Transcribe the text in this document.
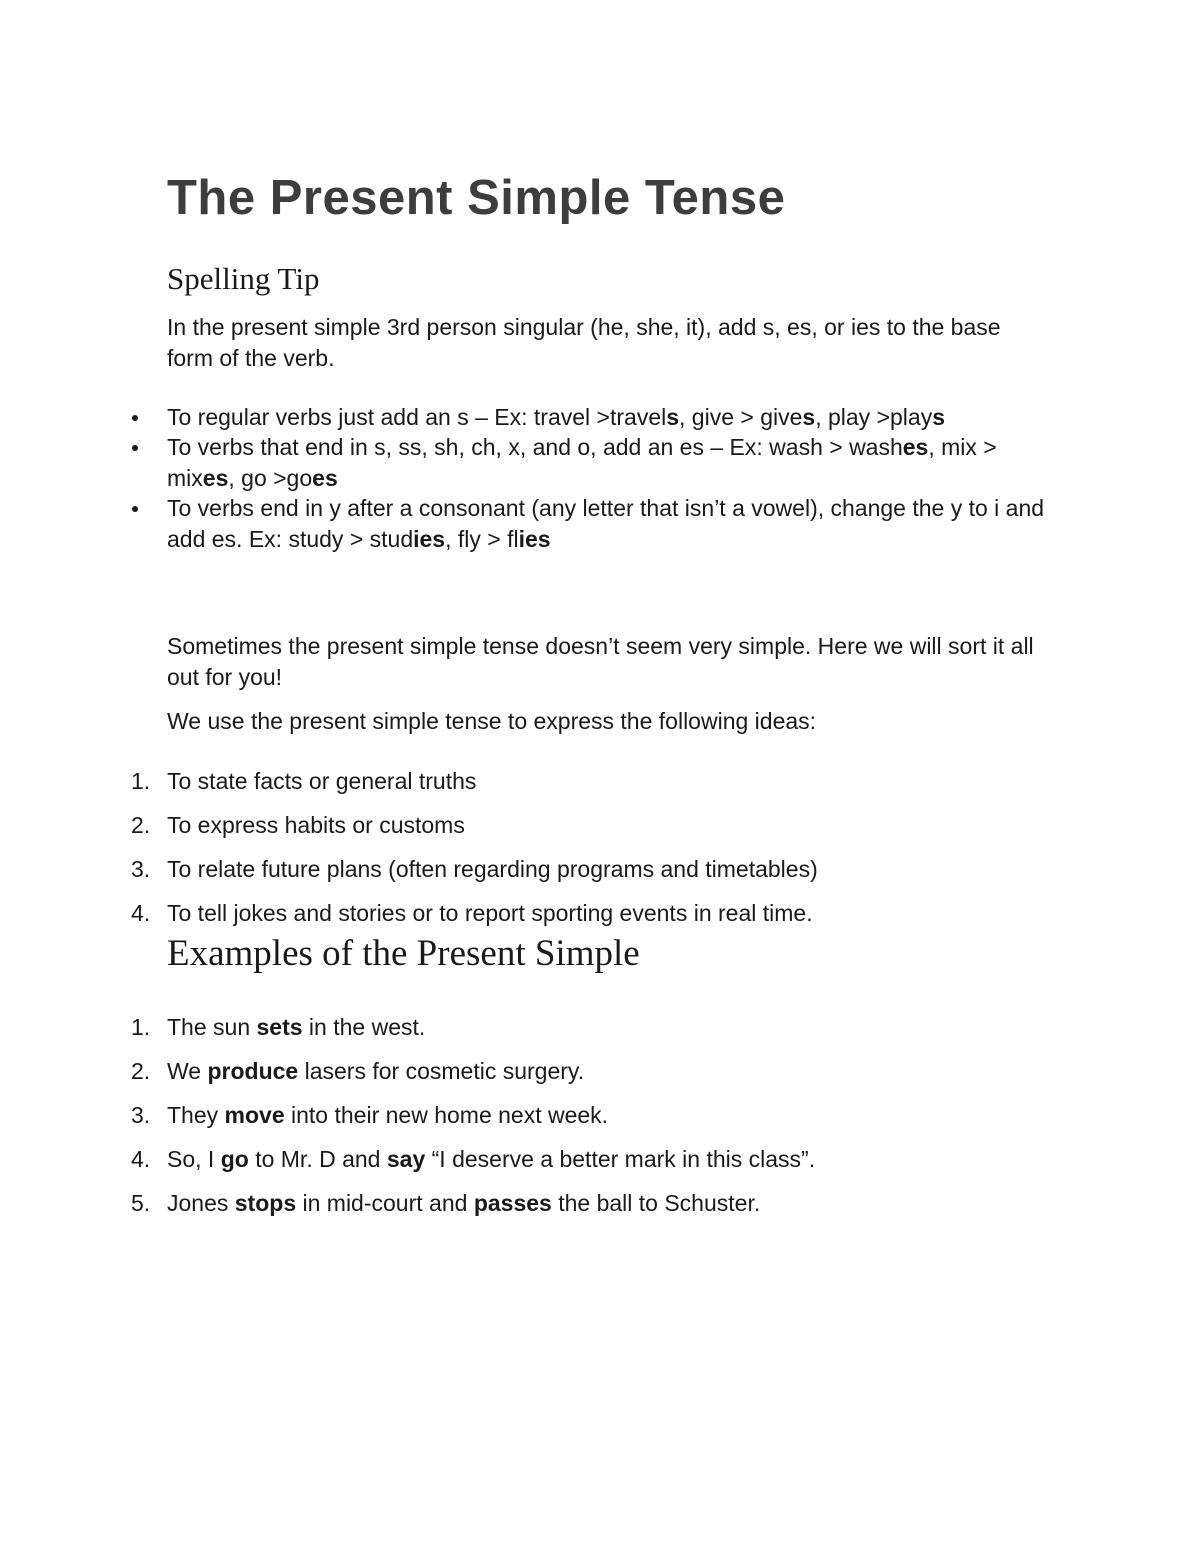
The Present Simple Tense
Spelling Tip

In the present simple 3rd person singular (he, she, it), add s, es, or ies to the base form of the verb.

To regular verbs just add an s – Ex: travel >travels, give > gives, play >plays
To verbs that end in s, ss, sh, ch, x, and o, add an es – Ex: wash > washes, mix > mixes, go >goes
To verbs end in y after a consonant (any letter that isn’t a vowel), change the y to i and add es. Ex: study > studies, fly > flies

Sometimes the present simple tense doesn’t seem very simple. Here we will sort it all out for you!

We use the present simple tense to express the following ideas:

1. To state facts or general truths
2. To express habits or customs
3. To relate future plans (often regarding programs and timetables)
4. To tell jokes and stories or to report sporting events in real time.
Examples of the Present Simple
1. The sun sets in the west.
2. We produce lasers for cosmetic surgery.
3. They move into their new home next week.
4. So, I go to Mr. D and say “I deserve a better mark in this class”.
5. Jones stops in mid-court and passes the ball to Schuster.
